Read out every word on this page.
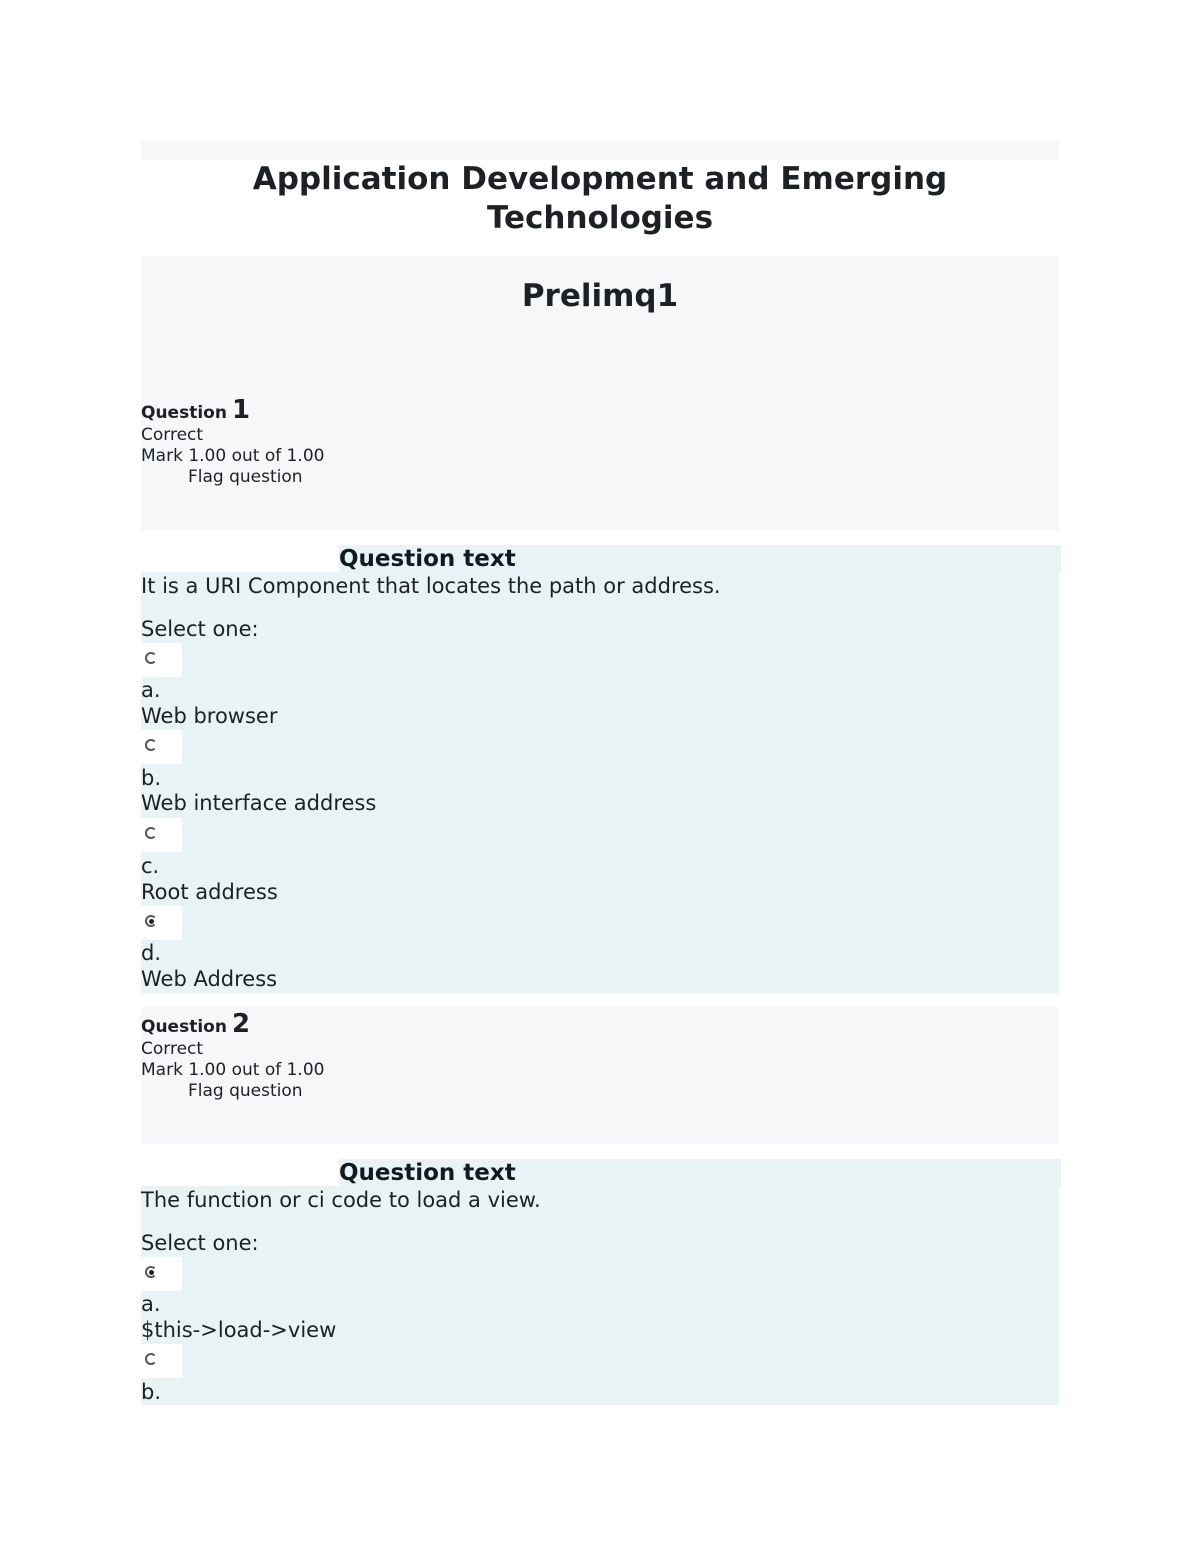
Application Development and Emerging Technologies
Prelimq1
Question 1
Correct
Mark 1.00 out of 1.00
Flag question
Question text
It is a URI Component that locates the path or address.
Select one:
a.
Web browser
b.
Web interface address
c.
Root address
d.
Web Address
Question 2
Correct
Mark 1.00 out of 1.00
Flag question
Question text
The function or ci code to load a view.
Select one:
a.
$this->load->view
b.
